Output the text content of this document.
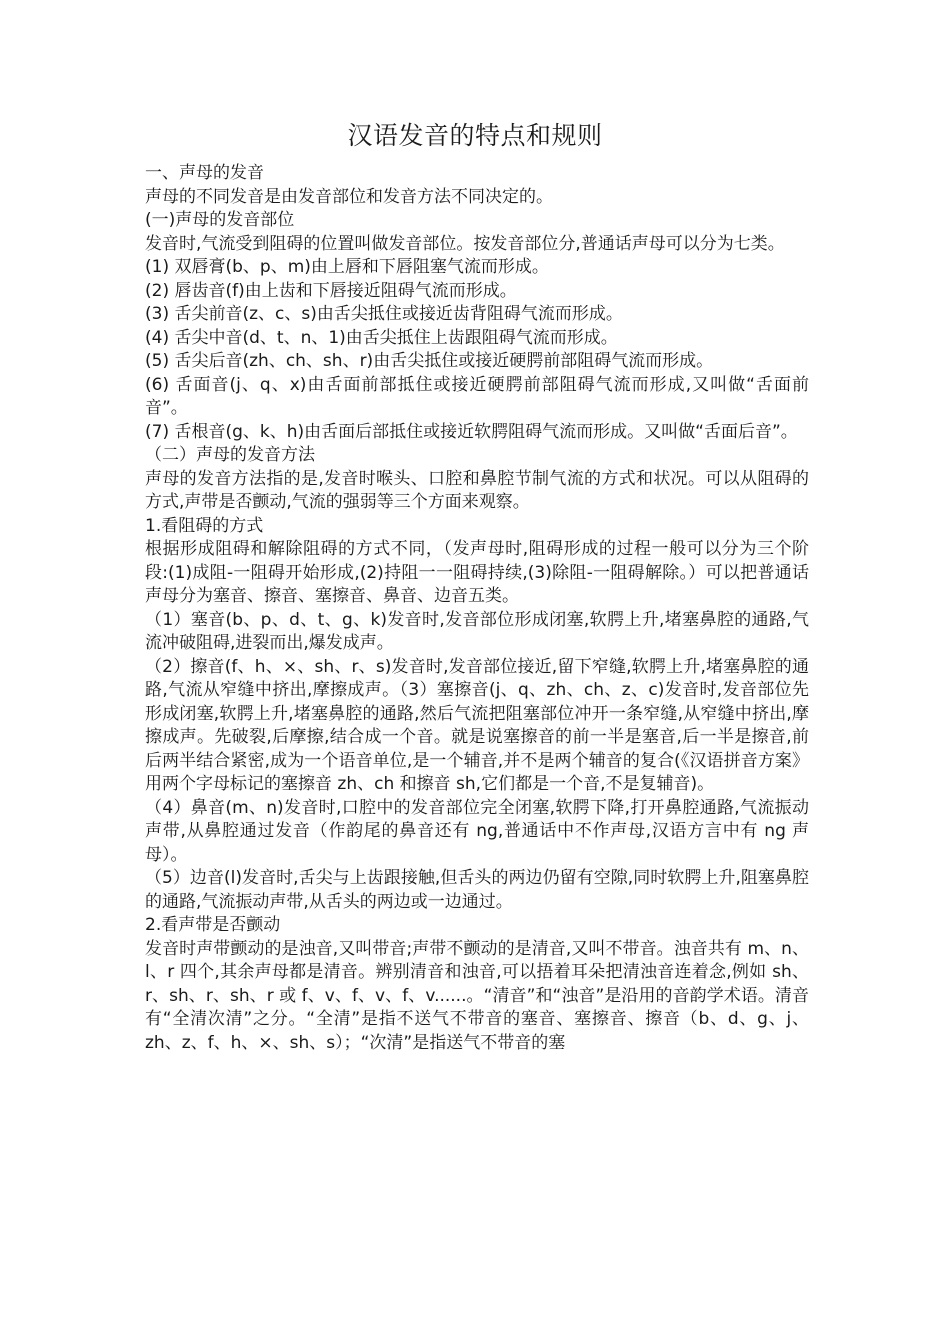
汉语发音的特点和规则

一、声母的发音

声母的不同发音是由发音部位和发音方法不同决定的。

(一)声母的发音部位

发音时,气流受到阻碍的位置叫做发音部位。按发音部位分,普通话声母可以分为七类。

(1) 双唇膏(b、p、m)由上唇和下唇阻塞气流而形成。

(2) 唇齿音(f)由上齿和下唇接近阻碍气流而形成。

(3) 舌尖前音(z、c、s)由舌尖抵住或接近齿背阻碍气流而形成。

(4) 舌尖中音(d、t、n、1)由舌尖抵住上齿跟阻碍气流而形成。

(5) 舌尖后音(zh、ch、sh、r)由舌尖抵住或接近硬腭前部阻碍气流而形成。

(6) 舌面音(j、q、x)由舌面前部抵住或接近硬腭前部阻碍气流而形成,又叫做“舌面前音”。

(7) 舌根音(g、k、h)由舌面后部抵住或接近软腭阻碍气流而形成。又叫做“舌面后音”。

（二）声母的发音方法

声母的发音方法指的是,发音时喉头、口腔和鼻腔节制气流的方式和状况。可以从阻碍的方式,声带是否颤动,气流的强弱等三个方面来观察。

1.看阻碍的方式

根据形成阻碍和解除阻碍的方式不同，（发声母时,阻碍形成的过程一般可以分为三个阶段:(1)成阻-一阻碍开始形成,(2)持阻一一阻碍持续,(3)除阻-一阻碍解除。）可以把普通话声母分为塞音、擦音、塞擦音、鼻音、边音五类。

（1）塞音(b、p、d、t、g、k)发音时,发音部位形成闭塞,软腭上升,堵塞鼻腔的通路,气流冲破阻碍,进裂而出,爆发成声。

（2）擦音(f、h、×、sh、r、s)发音时,发音部位接近,留下窄缝,软腭上升,堵塞鼻腔的通路,气流从窄缝中挤出,摩擦成声。（3）塞擦音(j、q、zh、ch、z、c)发音时,发音部位先形成闭塞,软腭上升,堵塞鼻腔的通路,然后气流把阻塞部位冲开一条窄缝,从窄缝中挤出,摩擦成声。先破裂,后摩擦,结合成一个音。就是说塞擦音的前一半是塞音,后一半是擦音,前后两半结合紧密,成为一个语音单位,是一个辅音,并不是两个辅音的复合(《汉语拼音方案》用两个字母标记的塞擦音 zh、ch 和擦音 sh,它们都是一个音,不是复辅音)。

（4）鼻音(m、n)发音时,口腔中的发音部位完全闭塞,软腭下降,打开鼻腔通路,气流振动声带,从鼻腔通过发音（作韵尾的鼻音还有 ng,普通话中不作声母,汉语方言中有 ng 声母）。

（5）边音(l)发音时,舌尖与上齿跟接触,但舌头的两边仍留有空隙,同时软腭上升,阻塞鼻腔的通路,气流振动声带,从舌头的两边或一边通过。

2.看声带是否颤动

发音时声带颤动的是浊音,又叫带音;声带不颤动的是清音,又叫不带音。浊音共有 m、n、l、r 四个,其余声母都是清音。辨别清音和浊音,可以捂着耳朵把清浊音连着念,例如 sh、r、sh、r、sh、r 或 f、v、f、v、f、v......。“清音”和“浊音”是沿用的音韵学术语。清音有“全清次清”之分。“全清”是指不送气不带音的塞音、塞擦音、擦音（b、d、g、j、zh、z、f、h、×、sh、s）；“次清”是指送气不带音的塞
